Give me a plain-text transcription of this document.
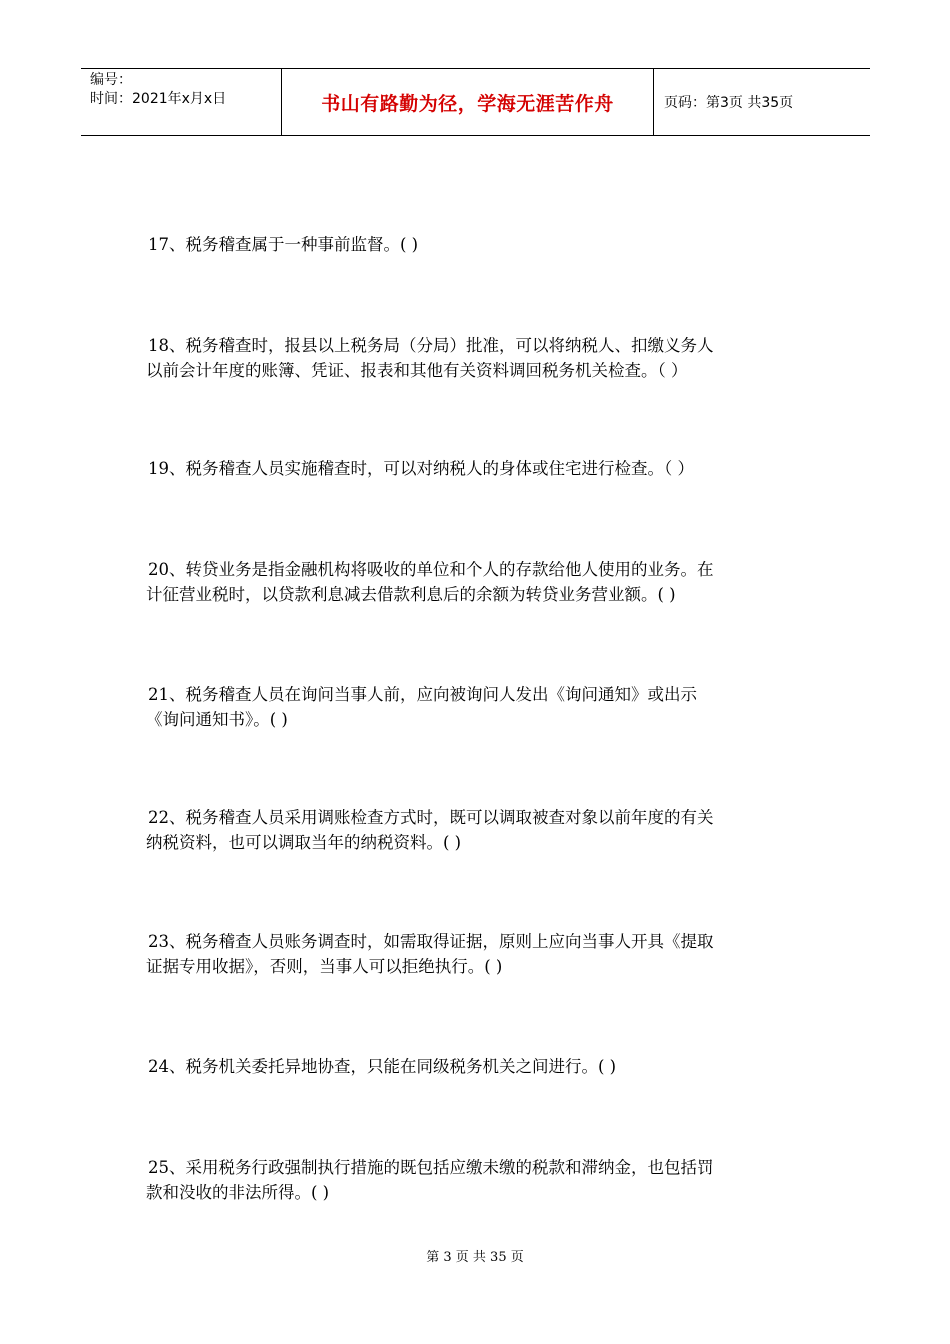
编号：
时间：2021年x月x日	书山有路勤为径，学海无涯苦作舟	页码：第3页 共35页
17、税务稽查属于一种事前监督。( )
18、税务稽查时，报县以上税务局（分局）批准，可以将纳税人、扣缴义务人
以前会计年度的账簿、凭证、报表和其他有关资料调回税务机关检查。（ ）
19、税务稽查人员实施稽查时，可以对纳税人的身体或住宅进行检查。（ ）
20、转贷业务是指金融机构将吸收的单位和个人的存款给他人使用的业务。在
计征营业税时，以贷款利息减去借款利息后的余额为转贷业务营业额。( )
21、税务稽查人员在询问当事人前，应向被询问人发出《询问通知》或出示
《询问通知书》。( )
22、税务稽查人员采用调账检查方式时，既可以调取被查对象以前年度的有关
纳税资料，也可以调取当年的纳税资料。( )
23、税务稽查人员账务调查时，如需取得证据，原则上应向当事人开具《提取
证据专用收据》，否则，当事人可以拒绝执行。( )
24、税务机关委托异地协查，只能在同级税务机关之间进行。( )
25、采用税务行政强制执行措施的既包括应缴未缴的税款和滞纳金，也包括罚
款和没收的非法所得。( )
第 3 页 共 35 页
